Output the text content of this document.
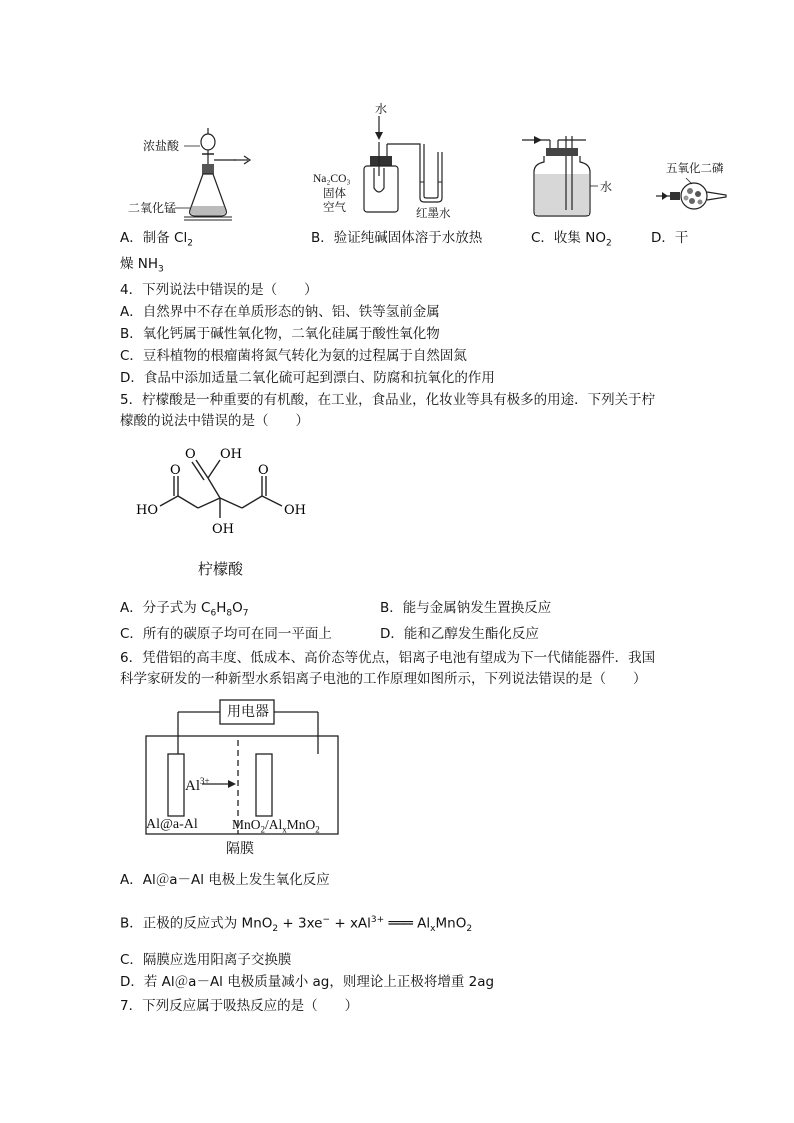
浓盐酸
二氧化锰
水
Na₂CO₃
固体
空气	红墨水
水
五氧化二磷
A．制备 $Cl_2$	B．验证纯碱固体溶于水放热	C．收集 $NO_2$	D．干
燥 $NH_3$
4．下列说法中错误的是（　　）
A．自然界中不存在单质形态的钠、铝、铁等氢前金属
B．氧化钙属于碱性氧化物，二氧化硅属于酸性氧化物
C．豆科植物的根瘤菌将氮气转化为氨的过程属于自然固氮
D．食品中添加适量二氧化硫可起到漂白、防腐和抗氧化的作用
5．柠檬酸是一种重要的有机酸，在工业，食品业，化妆业等具有极多的用途．下列关于柠
檬酸的说法中错误的是（　　）
OH
O
O	O
HO	OH
OH
柠檬酸
A．分子式为 $C_6H_8O_7$	B．能与金属钠发生置换反应
C．所有的碳原子均可在同一平面上	D．能和乙醇发生酯化反应
6．凭借铝的高丰度、低成本、高价态等优点，铝离子电池有望成为下一代储能器件．我国
科学家研发的一种新型水系铝离子电池的工作原理如图所示，下列说法错误的是（　　）
用电器
$Al^{3+}$
Al@a-Al	$MnO_2/Al_xMnO_2$
隔膜
A．Al＠a－Al 电极上发生氧化反应
B．正极的反应式为 MnO$_2$ + 3xe− + xAl$^{3+}$ ═══ $Al_xMnO_2$
C．隔膜应选用阳离子交换膜
D．若 Al＠a－Al 电极质量减小 ag，则理论上正极将增重 2ag
7．下列反应属于吸热反应的是（　　）
